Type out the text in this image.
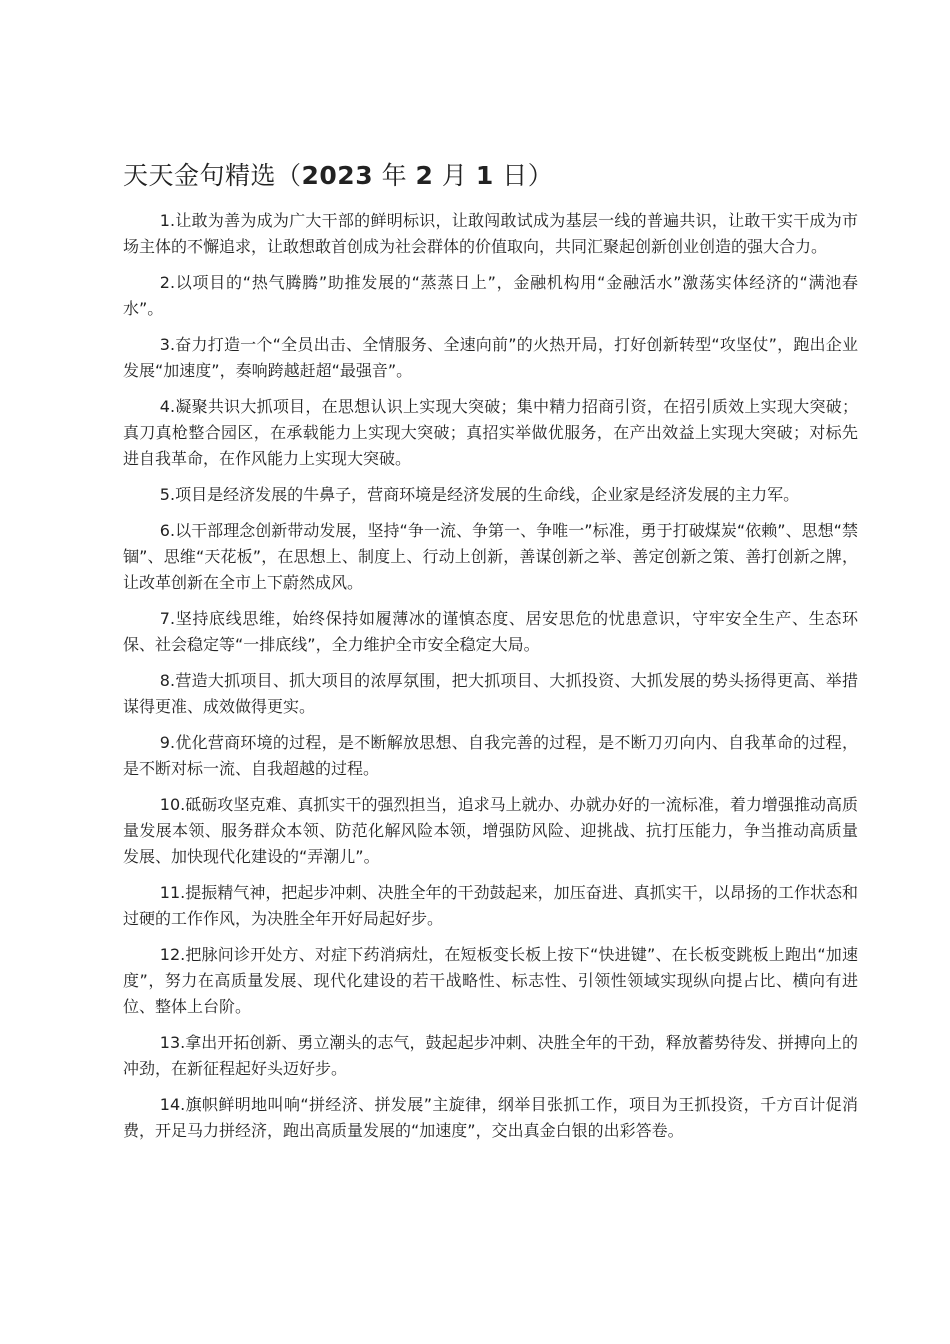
天天金句精选（2023 年 2 月 1 日）

1.让敢为善为成为广大干部的鲜明标识，让敢闯敢试成为基层一线的普遍共识，让敢干实干成为市场主体的不懈追求，让敢想敢首创成为社会群体的价值取向，共同汇聚起创新创业创造的强大合力。

2.以项目的“热气腾腾”助推发展的“蒸蒸日上”，金融机构用“金融活水”激荡实体经济的“满池春水”。

3.奋力打造一个“全员出击、全情服务、全速向前”的火热开局，打好创新转型“攻坚仗”，跑出企业发展“加速度”，奏响跨越赶超“最强音”。

4.凝聚共识大抓项目，在思想认识上实现大突破；集中精力招商引资，在招引质效上实现大突破；真刀真枪整合园区，在承载能力上实现大突破；真招实举做优服务，在产出效益上实现大突破；对标先进自我革命，在作风能力上实现大突破。

5.项目是经济发展的牛鼻子，营商环境是经济发展的生命线，企业家是经济发展的主力军。

6.以干部理念创新带动发展，坚持“争一流、争第一、争唯一”标准，勇于打破煤炭“依赖”、思想“禁锢”、思维“天花板”，在思想上、制度上、行动上创新，善谋创新之举、善定创新之策、善打创新之牌，让改革创新在全市上下蔚然成风。

7.坚持底线思维，始终保持如履薄冰的谨慎态度、居安思危的忧患意识，守牢安全生产、生态环保、社会稳定等“一排底线”，全力维护全市安全稳定大局。

8.营造大抓项目、抓大项目的浓厚氛围，把大抓项目、大抓投资、大抓发展的势头扬得更高、举措谋得更准、成效做得更实。

9.优化营商环境的过程，是不断解放思想、自我完善的过程，是不断刀刃向内、自我革命的过程，是不断对标一流、自我超越的过程。

10.砥砺攻坚克难、真抓实干的强烈担当，追求马上就办、办就办好的一流标准，着力增强推动高质量发展本领、服务群众本领、防范化解风险本领，增强防风险、迎挑战、抗打压能力，争当推动高质量发展、加快现代化建设的“弄潮儿”。

11.提振精气神，把起步冲刺、决胜全年的干劲鼓起来，加压奋进、真抓实干，以昂扬的工作状态和过硬的工作作风，为决胜全年开好局起好步。

12.把脉问诊开处方、对症下药消病灶，在短板变长板上按下“快进键”、在长板变跳板上跑出“加速度”，努力在高质量发展、现代化建设的若干战略性、标志性、引领性领域实现纵向提占比、横向有进位、整体上台阶。

13.拿出开拓创新、勇立潮头的志气，鼓起起步冲刺、决胜全年的干劲，释放蓄势待发、拼搏向上的冲劲，在新征程起好头迈好步。

14.旗帜鲜明地叫响“拼经济、拼发展”主旋律，纲举目张抓工作，项目为王抓投资，千方百计促消费，开足马力拼经济，跑出高质量发展的“加速度”，交出真金白银的出彩答卷。
